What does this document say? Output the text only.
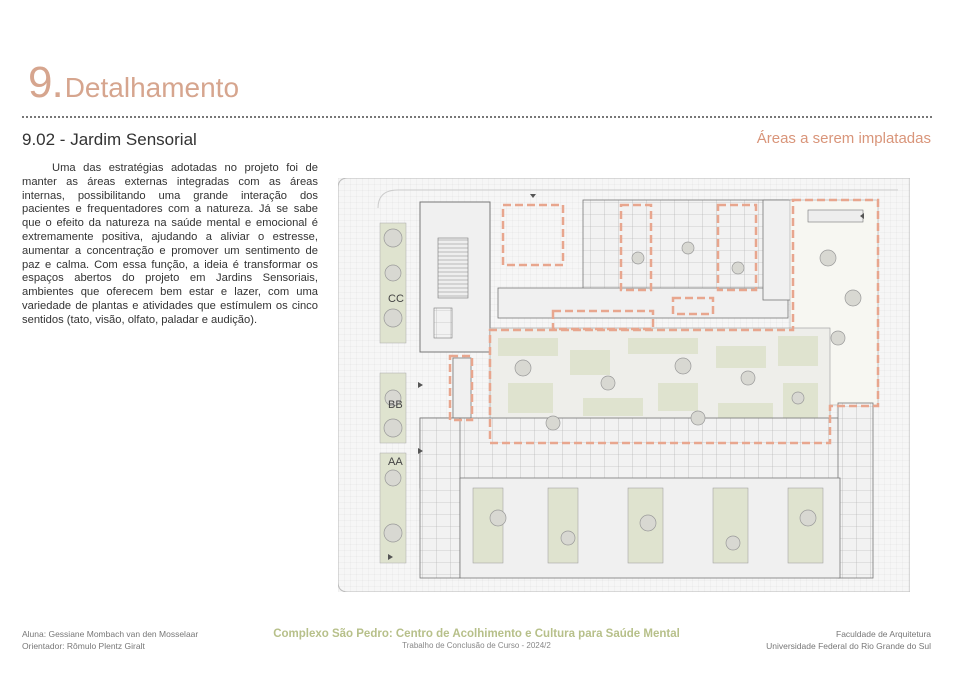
9.Detalhamento
9.02 - Jardim Sensorial	Áreas a serem implatadas

Uma das estratégias adotadas no projeto foi de manter as áreas externas integradas com as áreas internas, possibilitando uma grande interação dos pacientes e frequentadores com a natureza. Já se sabe que o efeito da natureza na saúde mental e emocional é extremamente positiva, ajudando a aliviar o estresse, aumentar a concentração e promover um sentimento de paz e calma. Com essa função, a ideia é transformar os espaços abertos do projeto em Jardins Sensoriais, ambientes que oferecem bem estar e lazer, com uma variedade de plantas e atividades que estímulem os cinco sentidos (tato, visão, olfato, paladar e audição).

CC
BB
AA
Aluna: Gessiane Mombach van den Mosselaar
Orientador: Rômulo Plentz Giralt
Complexo São Pedro: Centro de Acolhimento e Cultura para Saúde Mental
Trabalho de Conclusão de Curso - 2024/2
Faculdade de Arquitetura
Universidade Federal do Rio Grande do Sul
